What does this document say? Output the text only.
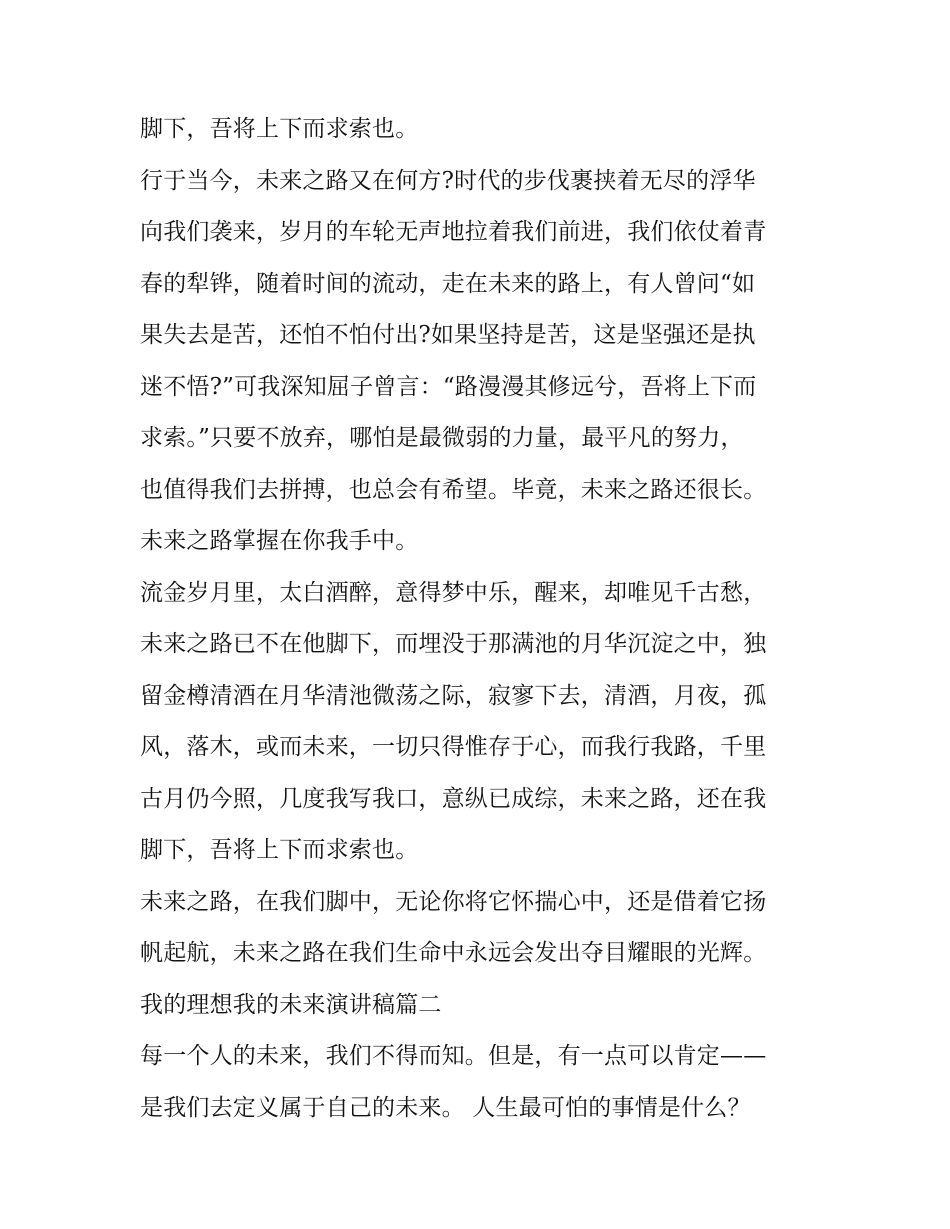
脚下，吾将上下而求索也。

行于当今，未来之路又在何方?时代的步伐裹挟着无尽的浮华
向我们袭来，岁月的车轮无声地拉着我们前进，我们依仗着青
春的犁铧，随着时间的流动，走在未来的路上，有人曾问“如
果失去是苦，还怕不怕付出?如果坚持是苦，这是坚强还是执
迷不悟?”可我深知屈子曾言：“路漫漫其修远兮，吾将上下而
求索。”只要不放弃，哪怕是最微弱的力量，最平凡的努力，
也值得我们去拼搏，也总会有希望。毕竟，未来之路还很长。

未来之路掌握在你我手中。

流金岁月里，太白酒醉，意得梦中乐，醒来，却唯见千古愁，
未来之路已不在他脚下，而埋没于那满池的月华沉淀之中，独
留金樽清酒在月华清池微荡之际，寂寥下去，清酒，月夜，孤
风，落木，或而未来，一切只得惟存于心，而我行我路，千里
古月仍今照，几度我写我口，意纵已成综，未来之路，还在我
脚下，吾将上下而求索也。

未来之路，在我们脚中，无论你将它怀揣心中，还是借着它扬
帆起航，未来之路在我们生命中永远会发出夺目耀眼的光辉。

我的理想我的未来演讲稿篇二

每一个人的未来，我们不得而知。但是，有一点可以肯定——
是我们去定义属于自己的未来。 人生最可怕的事情是什么？
